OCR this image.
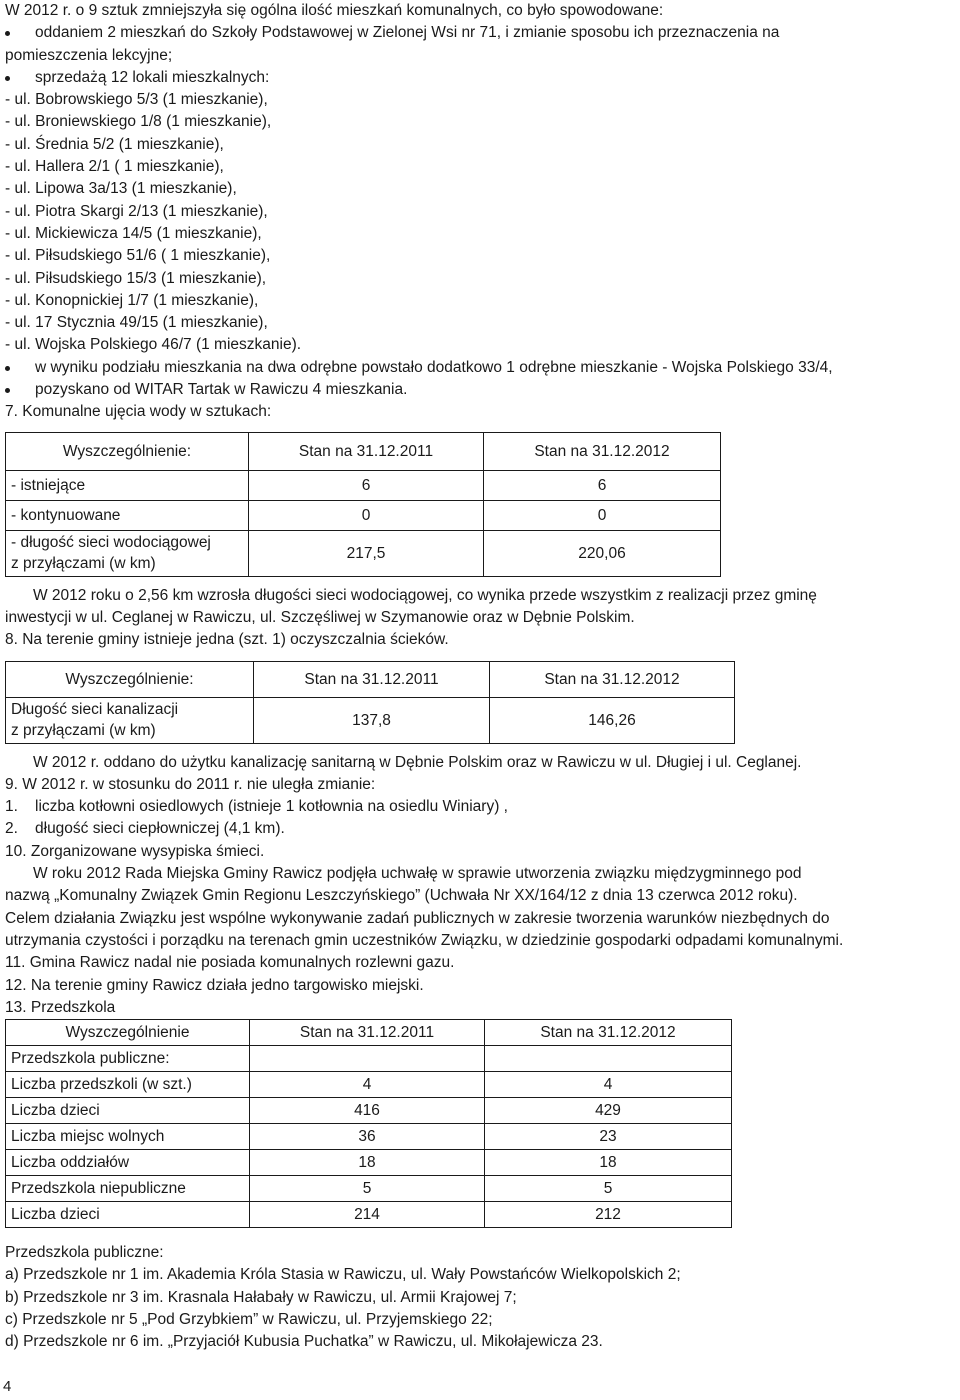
W 2012 r. o 9 sztuk zmniejszyła się ogólna ilość mieszkań komunalnych, co było spowodowane:
oddaniem 2 mieszkań do Szkoły Podstawowej w Zielonej Wsi nr 71, i zmianie sposobu ich przeznaczenia na
pomieszczenia lekcyjne;
sprzedażą 12 lokali mieszkalnych:
- ul. Bobrowskiego 5/3 (1 mieszkanie),
- ul. Broniewskiego 1/8 (1 mieszkanie),
- ul. Średnia 5/2 (1 mieszkanie),
- ul. Hallera 2/1 ( 1 mieszkanie),
- ul. Lipowa 3a/13 (1 mieszkanie),
- ul. Piotra Skargi 2/13 (1 mieszkanie),
- ul. Mickiewicza 14/5 (1 mieszkanie),
- ul. Piłsudskiego 51/6 ( 1 mieszkanie),
- ul. Piłsudskiego 15/3 (1 mieszkanie),
- ul. Konopnickiej 1/7 (1 mieszkanie),
- ul. 17 Stycznia 49/15 (1 mieszkanie),
- ul. Wojska Polskiego 46/7 (1 mieszkanie).
w wyniku podziału mieszkania na dwa odrębne powstało dodatkowo 1 odrębne mieszkanie - Wojska Polskiego 33/4,
pozyskano od WITAR Tartak w Rawiczu 4 mieszkania.
7. Komunalne ujęcia wody w sztukach:
Wyszczególnienie:	Stan na 31.12.2011	Stan na 31.12.2012
- istniejące	6	6
- kontynuowane	0	0

- długość sieci wodociągowej
z przyłączami (w km)	217,5	220,06
W 2012 roku o 2,56 km wzrosła długości sieci wodociągowej, co wynika przede wszystkim z realizacji przez gminę
inwestycji w ul. Ceglanej w Rawiczu, ul. Szczęśliwej w Szymanowie oraz w Dębnie Polskim.
8. Na terenie gminy istnieje jedna (szt. 1) oczyszczalnia ścieków.
Wyszczególnienie:	Stan na 31.12.2011	Stan na 31.12.2012

Długość sieci kanalizacji
z przyłączami (w km)	137,8	146,26
W 2012 r. oddano do użytku kanalizację sanitarną w Dębnie Polskim oraz w Rawiczu w ul. Długiej i ul. Ceglanej.
9. W 2012 r. w stosunku do 2011 r. nie uległa zmianie:
1. liczba kotłowni osiedlowych (istnieje 1 kotłownia na osiedlu Winiary) ,
2. długość sieci ciepłowniczej (4,1 km).
10. Zorganizowane wysypiska śmieci.
W roku 2012 Rada Miejska Gminy Rawicz podjęła uchwałę w sprawie utworzenia związku międzygminnego pod
nazwą „Komunalny Związek Gmin Regionu Leszczyńskiego” (Uchwała Nr XX/164/12 z dnia 13 czerwca 2012 roku).
Celem działania Związku jest wspólne wykonywanie zadań publicznych w zakresie tworzenia warunków niezbędnych do
utrzymania czystości i porządku na terenach gmin uczestników Związku, w dziedzinie gospodarki odpadami komunalnymi.
11. Gmina Rawicz nadal nie posiada komunalnych rozlewni gazu.
12. Na terenie gminy Rawicz działa jedno targowisko miejski.
13. Przedszkola
Wyszczególnienie	Stan na 31.12.2011	Stan na 31.12.2012
Przedszkola publiczne:		
Liczba przedszkoli (w szt.)	4	4
Liczba dzieci	416	429
Liczba miejsc wolnych	36	23
Liczba oddziałów	18	18
Przedszkola niepubliczne	5	5
Liczba dzieci	214	212
Przedszkola publiczne:
a) Przedszkole nr 1 im. Akademia Króla Stasia w Rawiczu, ul. Wały Powstańców Wielkopolskich 2;
b) Przedszkole nr 3 im. Krasnala Hałabały w Rawiczu, ul. Armii Krajowej 7;
c) Przedszkole nr 5 „Pod Grzybkiem” w Rawiczu, ul. Przyjemskiego 22;
d) Przedszkole nr 6 im. „Przyjaciół Kubusia Puchatka” w Rawiczu, ul. Mikołajewicza 23.
4
